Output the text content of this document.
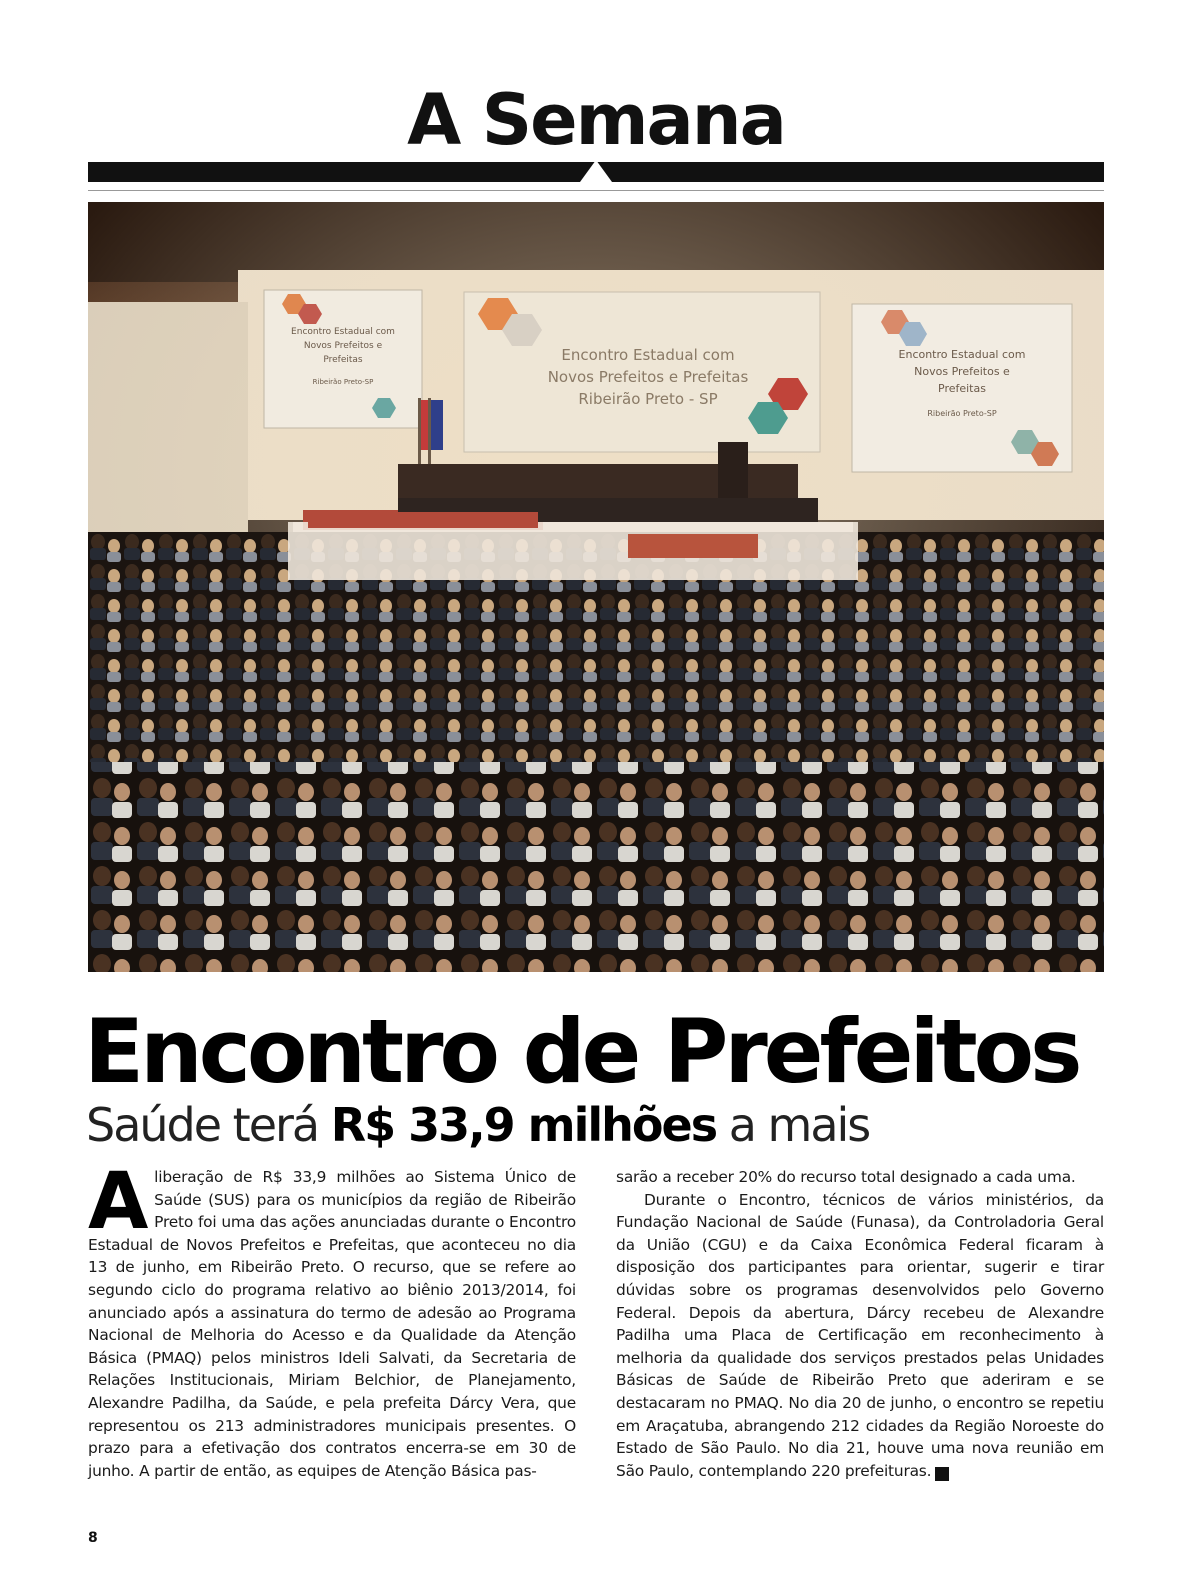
A Semana
Encontro Estadual com
Novos Prefeitos e
Prefeitas
Ribeirão Preto-SP
Encontro Estadual com
Novos Prefeitos e Prefeitas
Ribeirão Preto - SP
Encontro Estadual com
Novos Prefeitos e
Prefeitas
Ribeirão Preto-SP
Encontro de Prefeitos
Saúde terá R$ 33,9 milhões a mais

Aliberação de R$ 33,9 milhões ao Sistema Único de Saúde (SUS) para os municípios da região de Ribeirão Preto foi uma das ações anunciadas durante o Encontro Estadual de Novos Prefeitos e Prefeitas, que aconteceu no dia 13 de junho, em Ribeirão Preto. O recurso, que se refere ao segundo ciclo do programa relativo ao biênio 2013/2014, foi anunciado após a assinatura do termo de adesão ao Programa Nacional de Melhoria do Acesso e da Qualidade da Atenção Básica (PMAQ) pelos ministros Ideli Salvati, da Secretaria de Relações Institucionais, Miriam Belchior, de Planejamento, Alexandre Padilha, da Saúde, e pela prefeita Dárcy Vera, que representou os 213 administradores municipais presentes. O prazo para a efetivação dos contratos encerra-se em 30 de junho. A partir de então, as equipes de Atenção Básica pas-

sarão a receber 20% do recurso total designado a cada uma.

Durante o Encontro, técnicos de vários ministérios, da Fundação Nacional de Saúde (Funasa), da Controladoria Geral da União (CGU) e da Caixa Econômica Federal ficaram à disposição dos participantes para orientar, sugerir e tirar dúvidas sobre os programas desenvolvidos pelo Governo Federal. Depois da abertura, Dárcy recebeu de Alexandre Padilha uma Placa de Certificação em reconhecimento à melhoria da qualidade dos serviços prestados pelas Unidades Básicas de Saúde de Ribeirão Preto que aderiram e se destacaram no PMAQ. No dia 20 de junho, o encontro se repetiu em Araçatuba, abrangendo 212 cidades da Região Noroeste do Estado de São Paulo. No dia 21, houve uma nova reunião em São Paulo, contemplando 220 prefeituras.	r

8
